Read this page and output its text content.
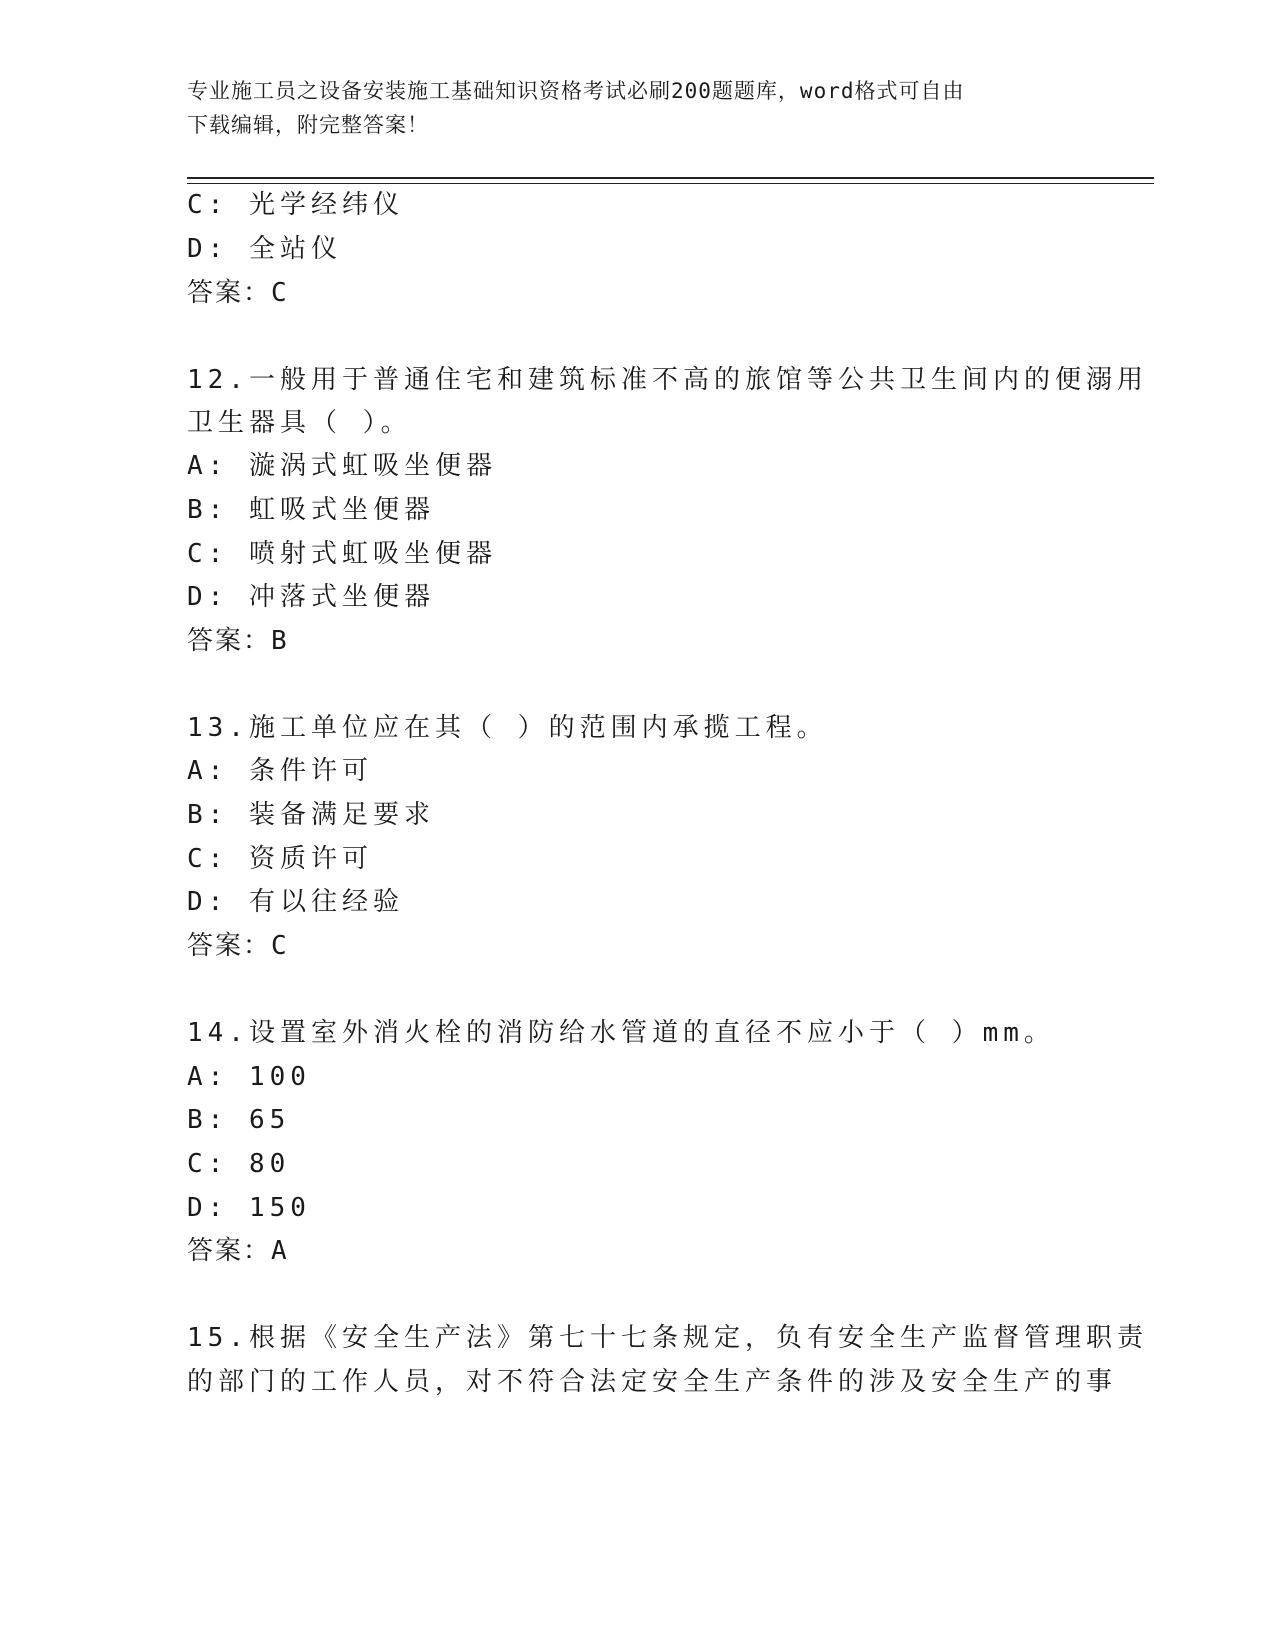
专业施工员之设备安装施工基础知识资格考试必刷200题题库，word格式可自由
下载编辑，附完整答案！
C: 光学经纬仪
D: 全站仪
答案：C
12.一般用于普通住宅和建筑标准不高的旅馆等公共卫生间内的便溺用
卫生器具（ ）。
A: 漩涡式虹吸坐便器
B: 虹吸式坐便器
C: 喷射式虹吸坐便器
D: 冲落式坐便器
答案：B
13.施工单位应在其（ ）的范围内承揽工程。
A: 条件许可
B: 装备满足要求
C: 资质许可
D: 有以往经验
答案：C
14.设置室外消火栓的消防给水管道的直径不应小于（ ）mm。
A: 100
B: 65
C: 80
D: 150
答案：A
15.根据《安全生产法》第七十七条规定，负有安全生产监督管理职责
的部门的工作人员，对不符合法定安全生产条件的涉及安全生产的事
